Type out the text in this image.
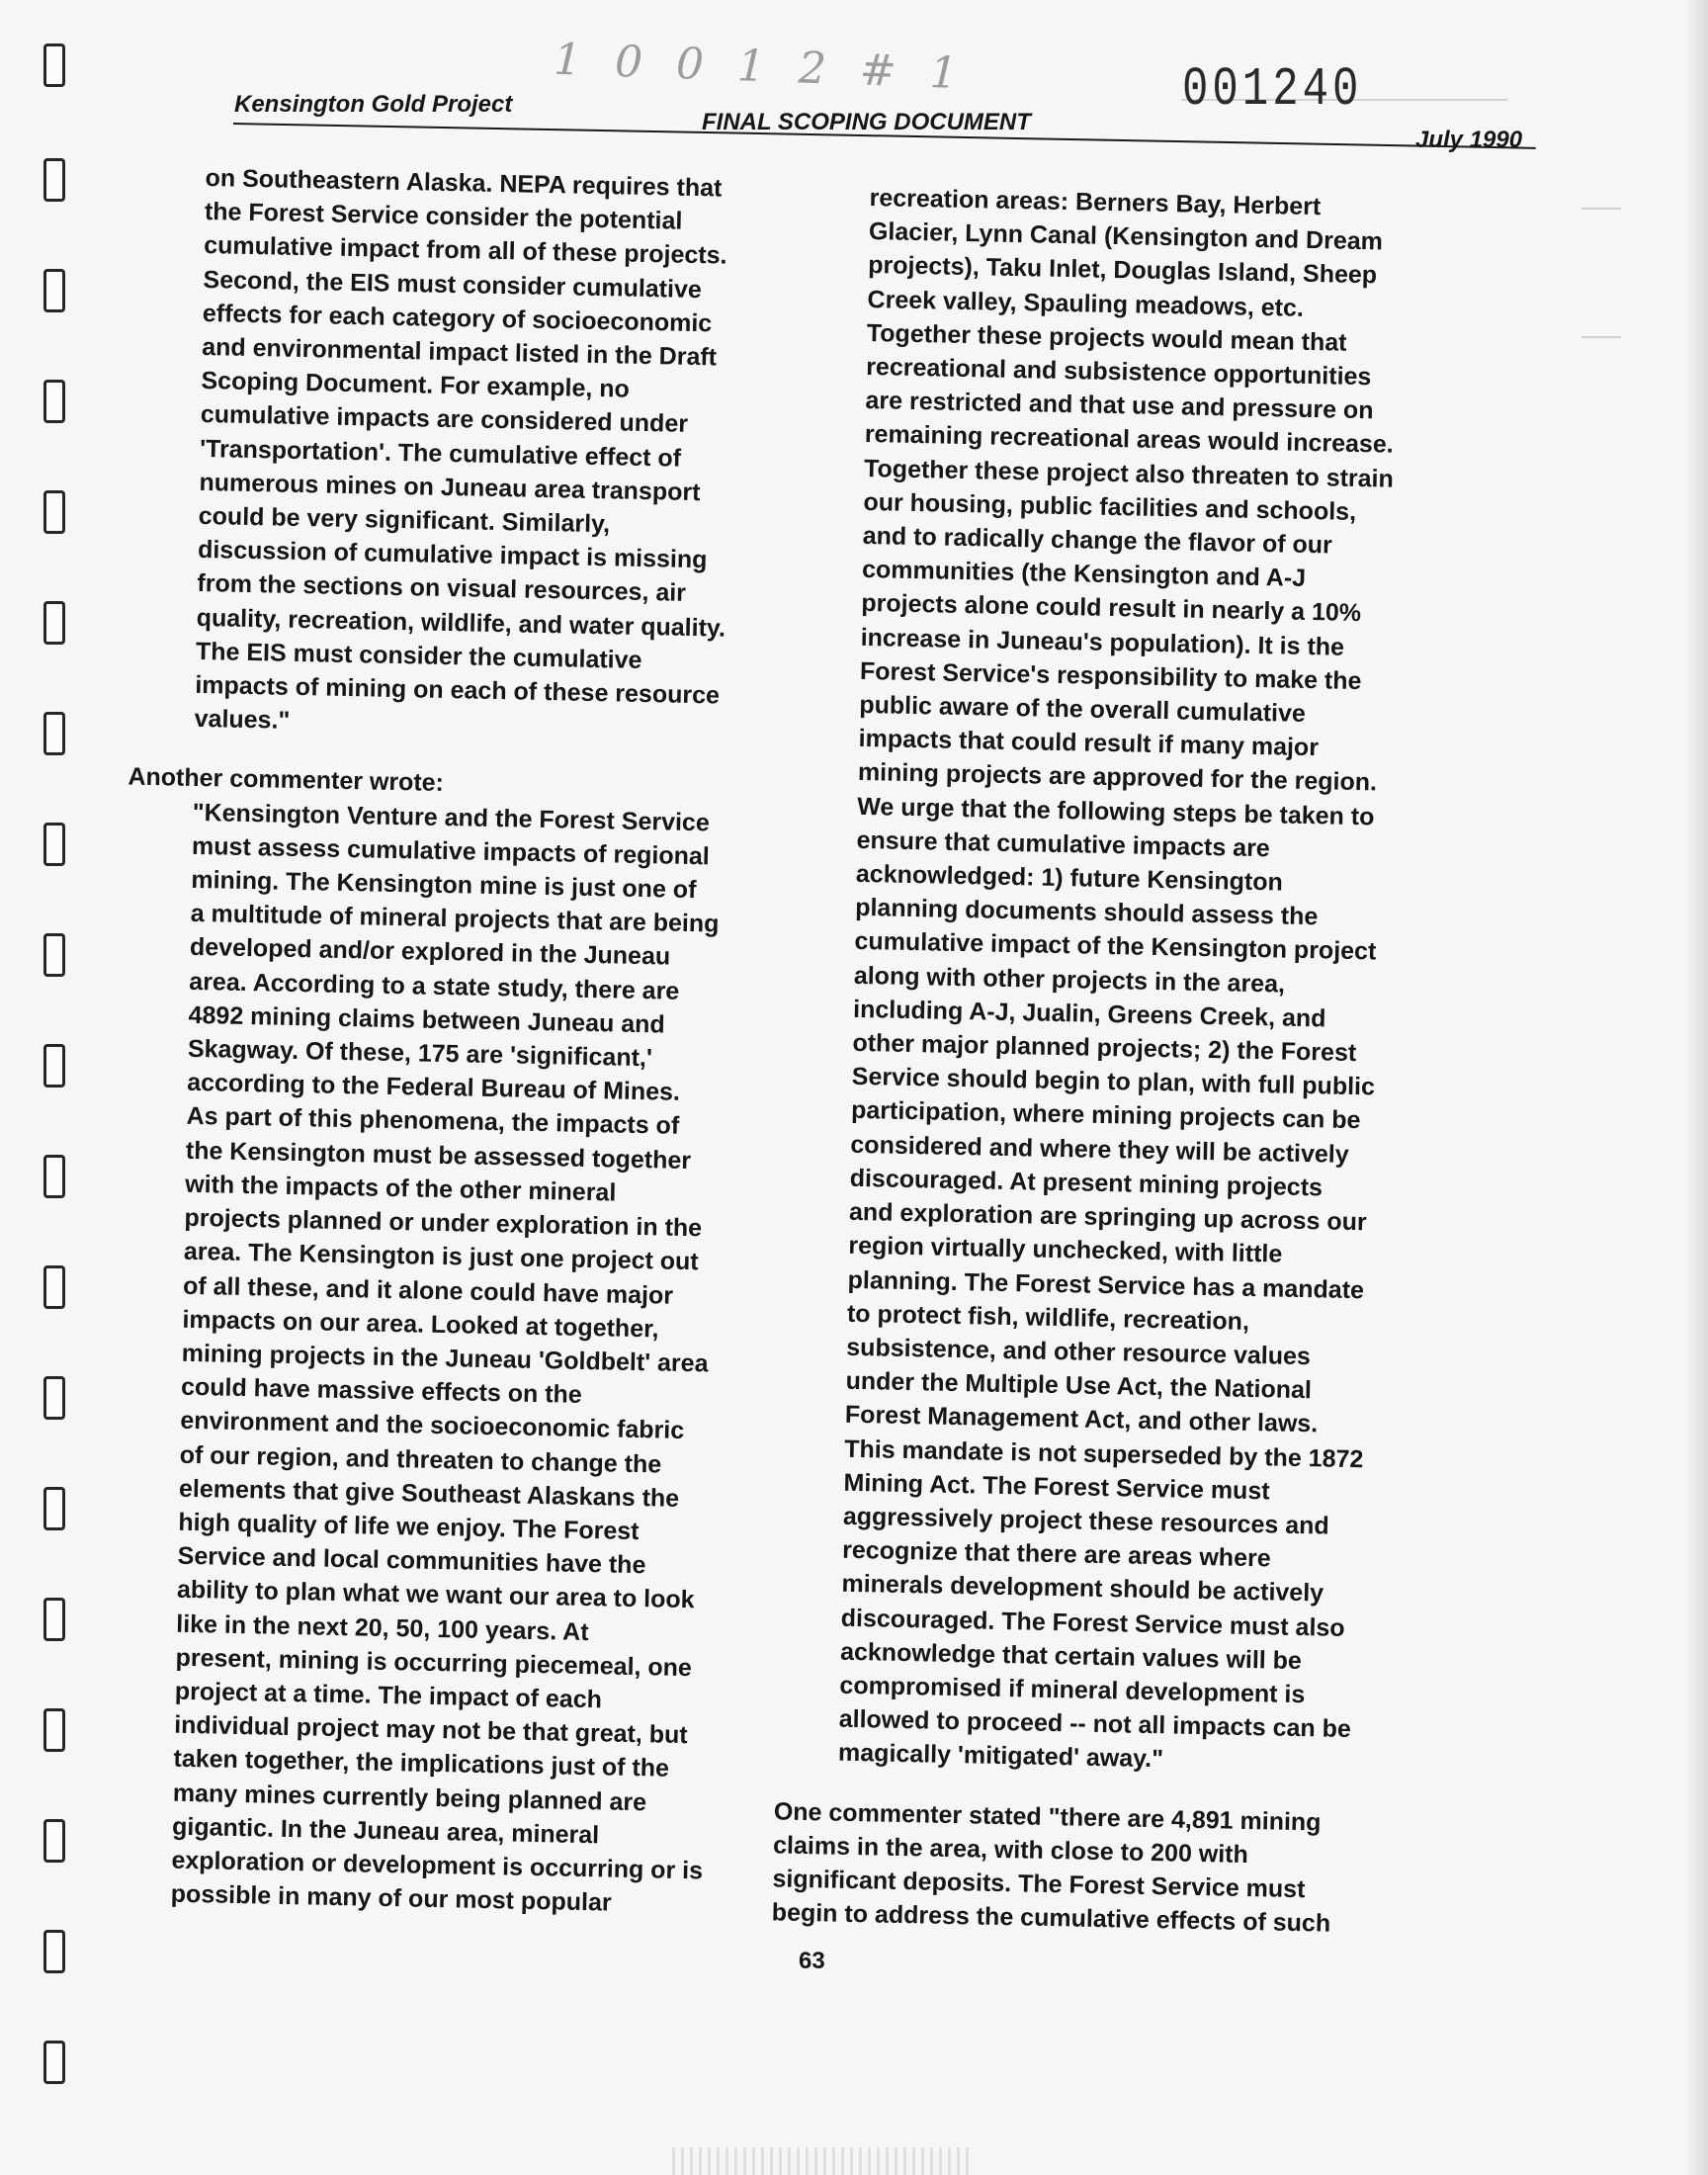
1 0 0 1 2 # 1	001240
Kensington Gold Project
FINAL SCOPING DOCUMENT
July 1990

on Southeastern Alaska. NEPA requires that

the Forest Service consider the potential

cumulative impact from all of these projects.

Second, the EIS must consider cumulative

effects for each category of socioeconomic

and environmental impact listed in the Draft

Scoping Document. For example, no

cumulative impacts are considered under

'Transportation'. The cumulative effect of

numerous mines on Juneau area transport

could be very significant. Similarly,

discussion of cumulative impact is missing

from the sections on visual resources, air

quality, recreation, wildlife, and water quality.

The EIS must consider the cumulative

impacts of mining on each of these resource

values."

Another commenter wrote:

"Kensington Venture and the Forest Service

must assess cumulative impacts of regional

mining. The Kensington mine is just one of

a multitude of mineral projects that are being

developed and/or explored in the Juneau

area. According to a state study, there are

4892 mining claims between Juneau and

Skagway. Of these, 175 are 'significant,'

according to the Federal Bureau of Mines.

As part of this phenomena, the impacts of

the Kensington must be assessed together

with the impacts of the other mineral

projects planned or under exploration in the

area. The Kensington is just one project out

of all these, and it alone could have major

impacts on our area. Looked at together,

mining projects in the Juneau 'Goldbelt' area

could have massive effects on the

environment and the socioeconomic fabric

of our region, and threaten to change the

elements that give Southeast Alaskans the

high quality of life we enjoy. The Forest

Service and local communities have the

ability to plan what we want our area to look

like in the next 20, 50, 100 years. At

present, mining is occurring piecemeal, one

project at a time. The impact of each

individual project may not be that great, but

taken together, the implications just of the

many mines currently being planned are

gigantic. In the Juneau area, mineral

exploration or development is occurring or is

possible in many of our most popular

recreation areas: Berners Bay, Herbert

Glacier, Lynn Canal (Kensington and Dream

projects), Taku Inlet, Douglas Island, Sheep

Creek valley, Spauling meadows, etc.

Together these projects would mean that

recreational and subsistence opportunities

are restricted and that use and pressure on

remaining recreational areas would increase.

Together these project also threaten to strain

our housing, public facilities and schools,

and to radically change the flavor of our

communities (the Kensington and A-J

projects alone could result in nearly a 10%

increase in Juneau's population). It is the

Forest Service's responsibility to make the

public aware of the overall cumulative

impacts that could result if many major

mining projects are approved for the region.

We urge that the following steps be taken to

ensure that cumulative impacts are

acknowledged: 1) future Kensington

planning documents should assess the

cumulative impact of the Kensington project

along with other projects in the area,

including A-J, Jualin, Greens Creek, and

other major planned projects; 2) the Forest

Service should begin to plan, with full public

participation, where mining projects can be

considered and where they will be actively

discouraged. At present mining projects

and exploration are springing up across our

region virtually unchecked, with little

planning. The Forest Service has a mandate

to protect fish, wildlife, recreation,

subsistence, and other resource values

under the Multiple Use Act, the National

Forest Management Act, and other laws.

This mandate is not superseded by the 1872

Mining Act. The Forest Service must

aggressively project these resources and

recognize that there are areas where

minerals development should be actively

discouraged. The Forest Service must also

acknowledge that certain values will be

compromised if mineral development is

allowed to proceed -- not all impacts can be

magically 'mitigated' away."

One commenter stated "there are 4,891 mining

claims in the area, with close to 200 with

significant deposits. The Forest Service must

begin to address the cumulative effects of such

63
